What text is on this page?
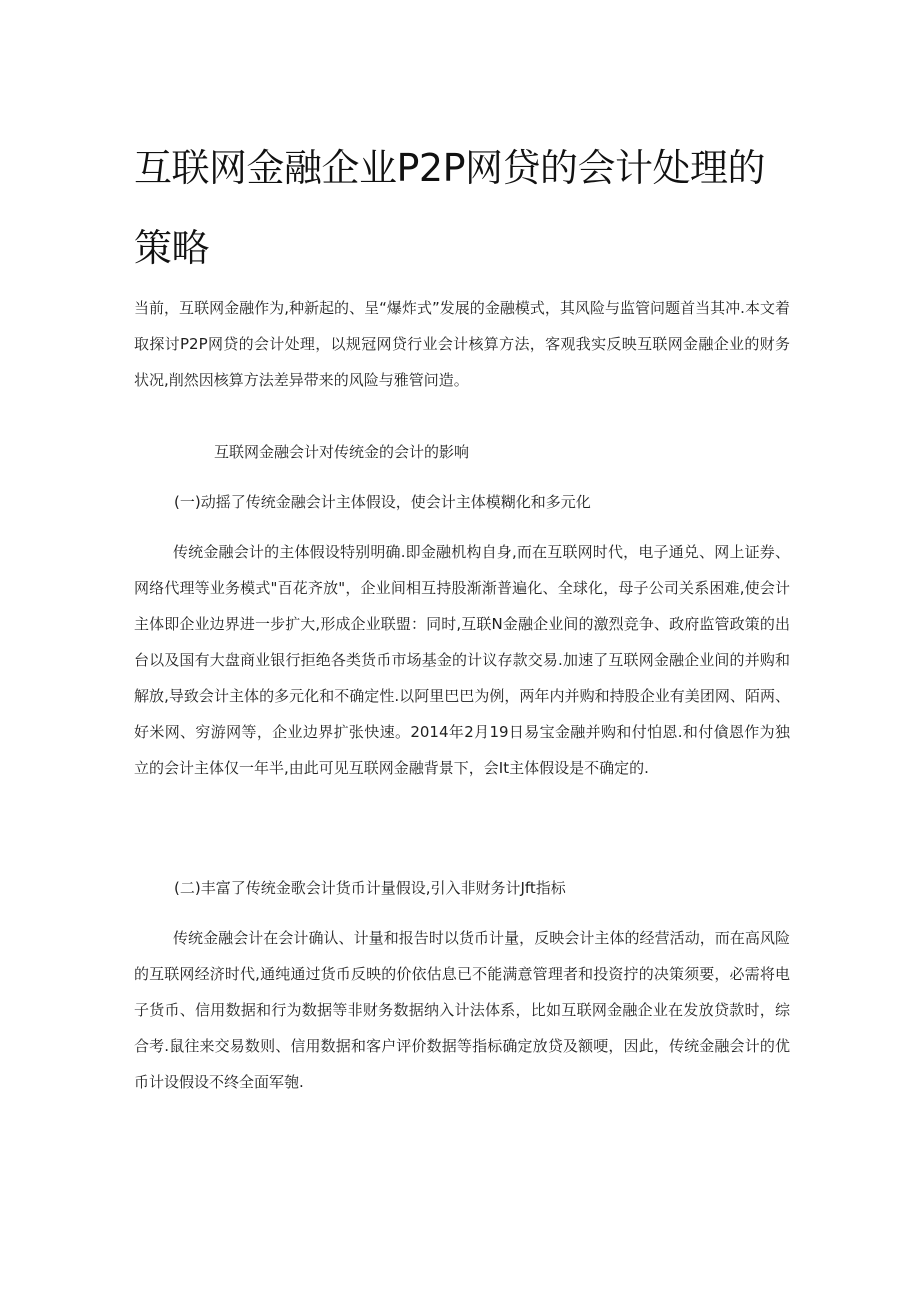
互联网金融企业P2P网贷的会计处理的策略

当前，互联网金融作为,种新起的、呈“爆炸式”发展的金融模式，其风险与监管问题首当其冲.本文着取探讨P2P网贷的会计处理，以规冠网贷行业会计核算方法，客观我实反映互联网金融企业的财务状况,削然因核算方法差异带来的风险与雅管问造。

互联网金融会计对传统金的会计的影响
(一)动摇了传统金融会计主体假设，使会计主体模糊化和多元化

传统金融会计的主体假设特别明确.即金融机构自身,而在互联网时代，电子通兑、网上证券、网络代理等业务模式"百花齐放"，企业间相互持股渐渐普遍化、全球化，母子公司关系困难,使会计主体即企业边界进一步扩大,形成企业联盟：同时,互联N金融企业间的激烈竞争、政府监管政策的出台以及国有大盘商业银行拒绝各类货币市场基金的计议存款交易.加速了互联网金融企业间的并购和解放,导致会计主体的多元化和不确定性.以阿里巴巴为例，两年内并购和持股企业有美团网、陌两、好米网、穷游网等，企业边界扩张快速。2014年2月19日易宝金融并购和付怕恩.和付僋恩作为独立的会计主体仅一年半,由此可见互联网金融背景下，会It主体假设是不确定的.

(二)丰富了传统金歌会计货币计量假设,引入非财务计Jft指标

传统金融会计在会计确认、计量和报告时以货币计量，反映会计主体的经营活动，而在高风险的互联网经济时代,通纯通过货币反映的价依估息已不能满意管理者和投资拧的决策须要，必需将电子货币、信用数据和行为数据等非财务数据纳入计法体系，比如互联网金融企业在发放贷款时，综合考.鼠往来交易数则、信用数据和客户评价数据等指标确定放贷及额哽，因此，传统金融会计的优币计设假设不终全面军匏.
